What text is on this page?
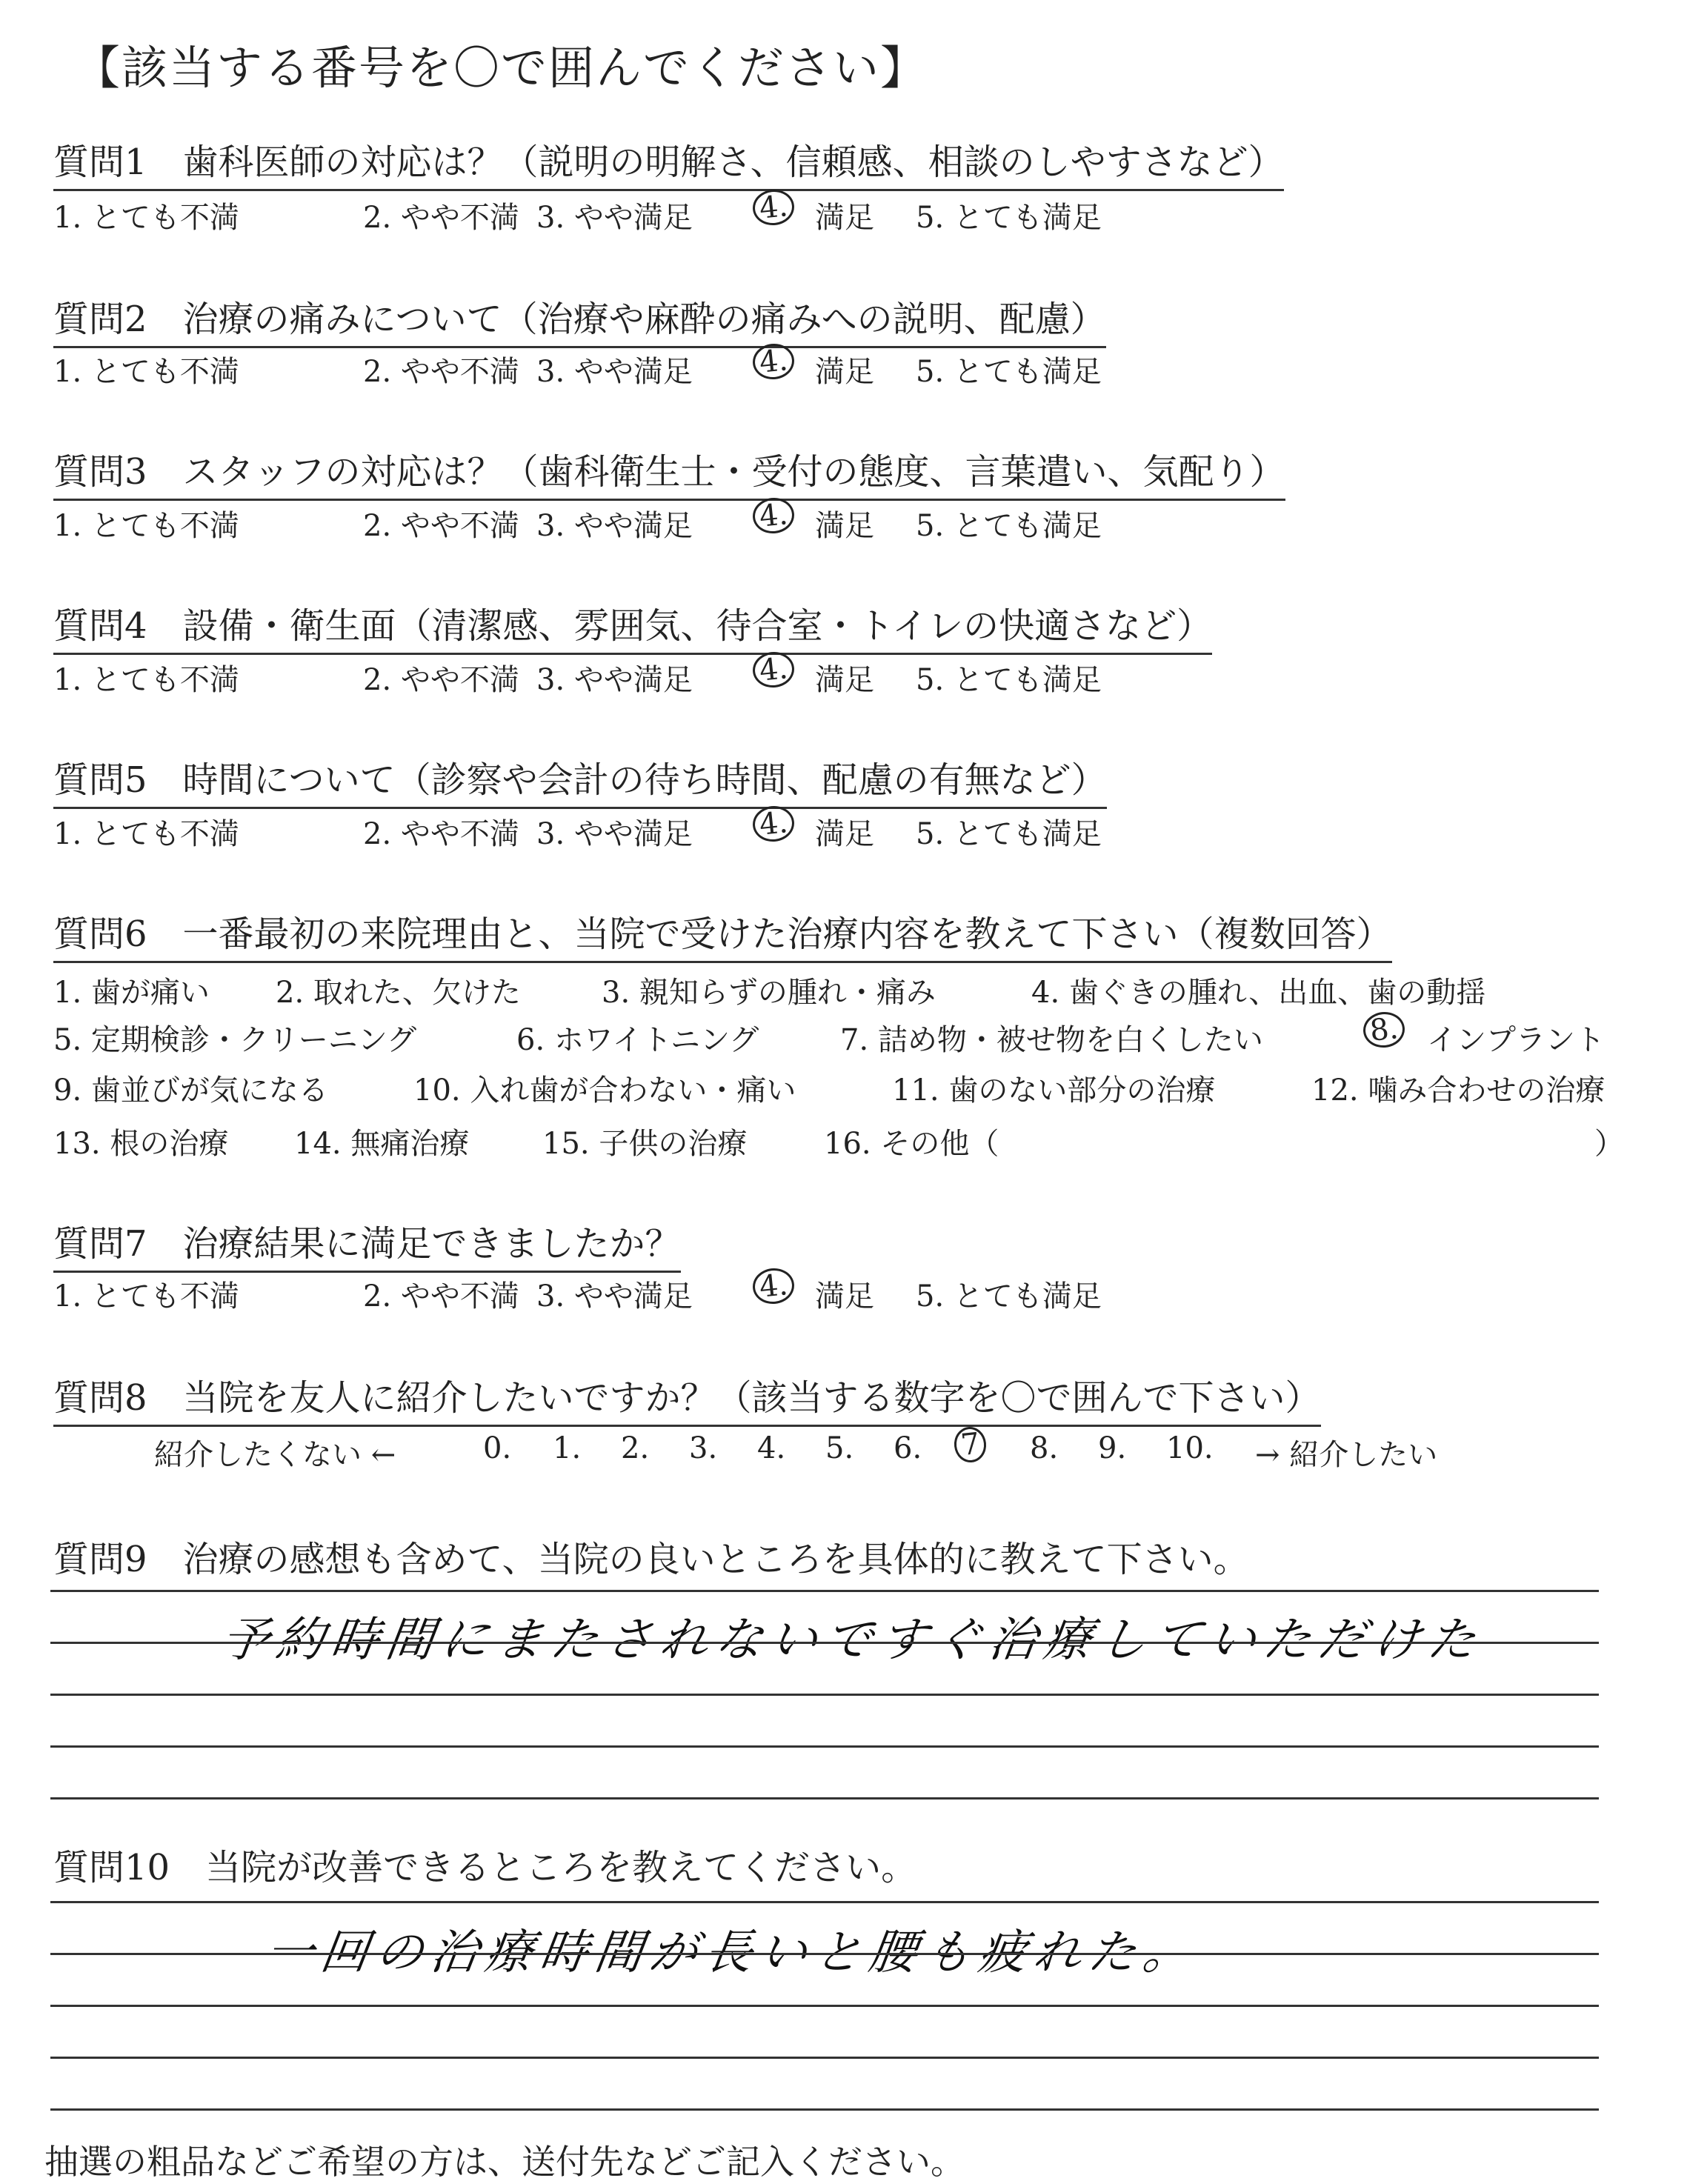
【該当する番号を〇で囲んでください】
質問1　歯科医師の対応は？（説明の明解さ、信頼感、相談のしやすさなど）
1. とても不満	2. やや不満 3. やや満足 4. 満足 5. とても満足
質問2　治療の痛みについて（治療や麻酔の痛みへの説明、配慮）
1. とても不満	2. やや不満 3. やや満足 4. 満足 5. とても満足
質問3　スタッフの対応は？（歯科衛生士・受付の態度、言葉遣い、気配り）
1. とても不満	2. やや不満 3. やや満足 4. 満足 5. とても満足
質問4　設備・衛生面（清潔感、雰囲気、待合室・トイレの快適さなど）
1. とても不満	2. やや不満 3. やや満足 4. 満足 5. とても満足
質問5　時間について（診察や会計の待ち時間、配慮の有無など）
1. とても不満	2. やや不満 3. やや満足 4. 満足 5. とても満足
質問6　一番最初の来院理由と、当院で受けた治療内容を教えて下さい（複数回答）
1. 歯が痛い 2. 取れた、欠けた	3. 親知らずの腫れ・痛み	4. 歯ぐきの腫れ、出血、歯の動揺
5. 定期検診・クリーニング	6. ホワイトニング	7. 詰め物・被せ物を白くしたい	8. インプラント
9. 歯並びが気になる	10. 入れ歯が合わない・痛い	11. 歯のない部分の治療	12. 噛み合わせの治療
13. 根の治療 14. 無痛治療 15. 子供の治療	16. その他（	）
質問7　治療結果に満足できましたか？
1. とても不満	2. やや不満 3. やや満足 4. 満足 5. とても満足
質問8　当院を友人に紹介したいですか？（該当する数字を〇で囲んで下さい）
紹介したくない ←	0. 1. 2. 3. 4. 5. 6. 7 8. 9. 10. → 紹介したい
質問9　治療の感想も含めて、当院の良いところを具体的に教えて下さい。
予約時間にまたされないですぐ治療していただけた
質問10　当院が改善できるところを教えてください。
一回の治療時間が長いと腰も疲れた。
抽選の粗品などご希望の方は、送付先などご記入ください。
